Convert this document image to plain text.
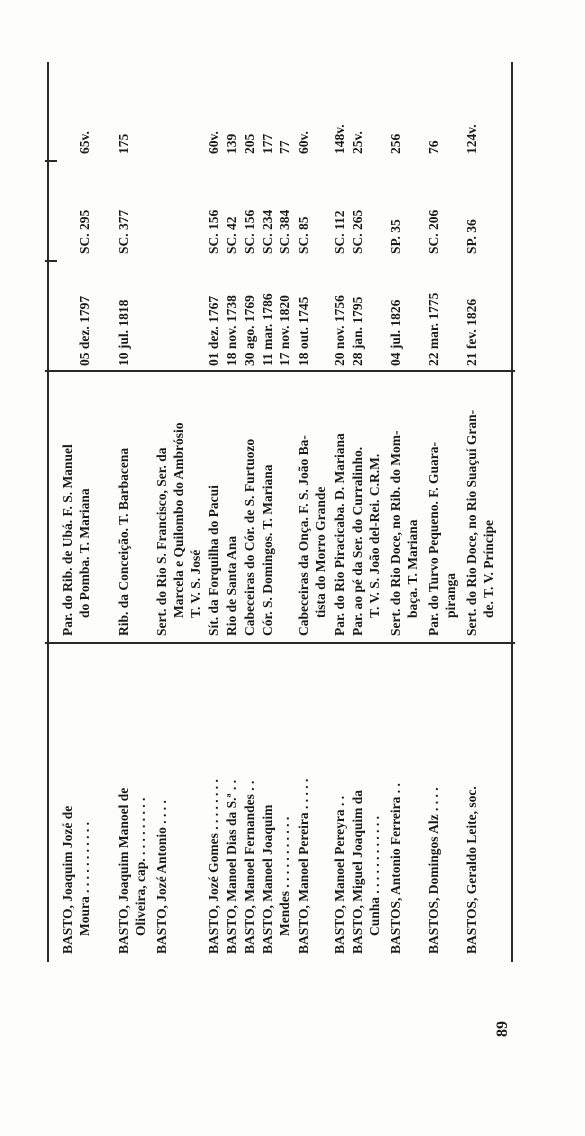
BASTO, Joaquim Jozé de Moura . . . . . . . . . . .
Par. do Rib. de Ubá. F. S. Manuel do Pomba. T. Mariana

05 dez. 1797

SC. 295

65v.
BASTO, Joaquim Manoel de Oliveira, cap. . . . . . . . . .
Rib. da Conceição. T. Barbacena
10 jul. 1818
SC. 377
175
BASTO, Jozé Antonio . . . .
Sert. do Rio S. Francisco, Ser. da Marcela e Quilombo do Ambrósio T. V. S. José
BASTO, Jozé Gomes . . . . . . . .
Sít. da Forquilha do Pacui
01 dez. 1767
SC. 156
60v.
BASTO, Manoel Dias da S.ª . .
Rio de Santa Ana
18 nov. 1738
SC. 42
139
BASTO, Manoel Fernandes . .
Cabeceiras do Cór. de S. Furtuozo
30 ago. 1769
SC. 156
205
BASTO, Manoel Joaquim Mendes . . . . . . . . . . .
Cór. S. Domingos. T. Mariana
11 mar. 1786 17 nov. 1820
SC. 234 SC. 384
177 77
BASTO, Manoel Pereira . . . . .
Cabeceiras da Onça. F. S. João Ba- tista do Morro Grande
18 out. 1745
SC. 85
60v.
BASTO, Manoel Pereyra . .
Par. do Rio Piracicaba. D. Mariana
20 nov. 1756
SC. 112
148v.
BASTO, Miguel Joaquim da Cunha . . . . . . . . . . . .
Par. ao pé da Ser. do Curralinho. T. V. S. João del-Rei. C.R.M.
28 jan. 1795
SC. 265
25v.
BASTOS, Antonio Ferreira . .
Sert. do Rio Doce, no Rib. do Mom- baça. T. Mariana
04 jul. 1826
SP. 35
256
BASTOS, Domingos Alz . . . .
Par. do Turvo Pequeno. F. Guara- piranga
22 mar. 1775
SC. 206
76
BASTOS, Geraldo Leite, soc.
Sert. do Rio Doce, no Rio Suaçuí Gran- de. T. V. Príncipe
21 fev. 1826
SP. 36
124v.
89
